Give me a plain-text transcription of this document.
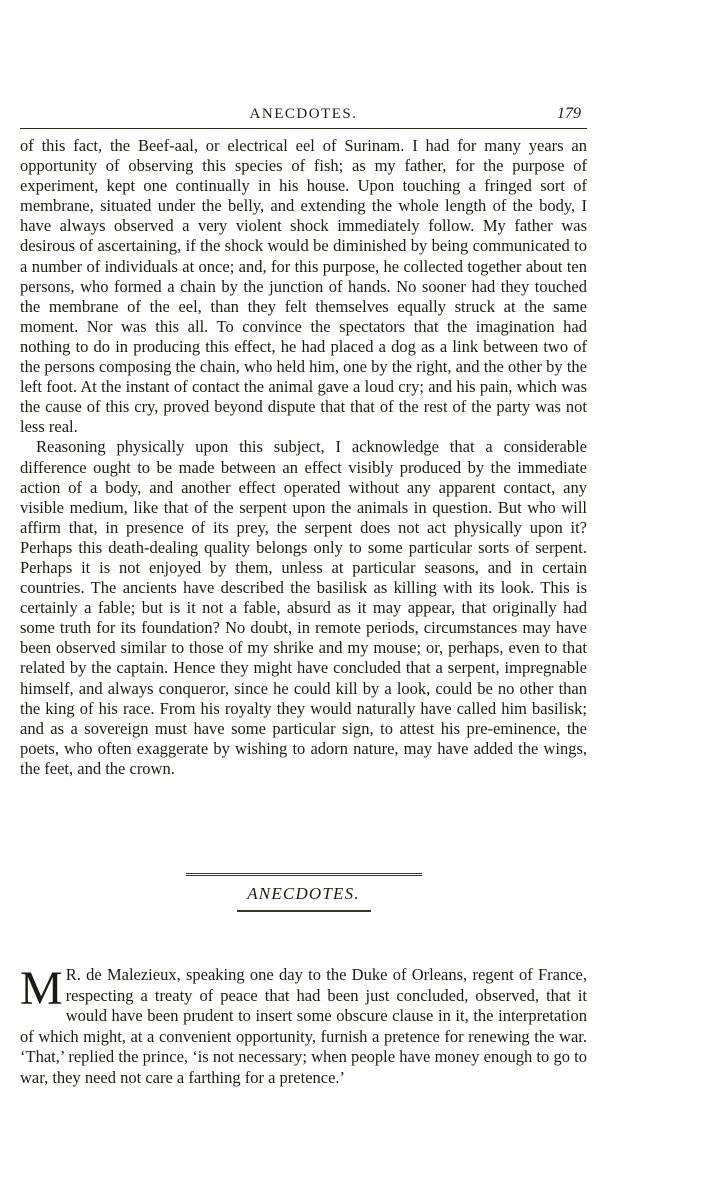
ANECDOTES.	179

of this fact, the Beef-aal, or electrical eel of Surinam. I had for many years an opportunity of observing this species of fish; as my father, for the purpose of experiment, kept one continually in his house. Upon touching a fringed sort of membrane, situated under the belly, and extending the whole length of the body, I have always observed a very violent shock immediately follow. My father was desirous of ascertaining, if the shock would be diminished by being communicated to a number of individuals at once; and, for this purpose, he collected together about ten persons, who formed a chain by the junction of hands. No sooner had they touched the membrane of the eel, than they felt themselves equally struck at the same moment. Nor was this all. To convince the spectators that the imagination had nothing to do in producing this effect, he had placed a dog as a link between two of the persons composing the chain, who held him, one by the right, and the other by the left foot. At the instant of contact the animal gave a loud cry; and his pain, which was the cause of this cry, proved beyond dispute that that of the rest of the party was not less real.

Reasoning physically upon this subject, I acknowledge that a considerable difference ought to be made between an effect visibly produced by the immediate action of a body, and another effect operated without any apparent contact, any visible medium, like that of the serpent upon the animals in question. But who will affirm that, in presence of its prey, the serpent does not act physically upon it? Perhaps this death-dealing quality belongs only to some particular sorts of serpent. Perhaps it is not enjoyed by them, unless at particular seasons, and in certain countries. The ancients have described the basilisk as killing with its look. This is certainly a fable; but is it not a fable, absurd as it may appear, that originally had some truth for its foundation? No doubt, in remote periods, circumstances may have been observed similar to those of my shrike and my mouse; or, perhaps, even to that related by the captain. Hence they might have concluded that a serpent, impregnable himself, and always conqueror, since he could kill by a look, could be no other than the king of his race. From his royalty they would naturally have called him basilisk; and as a sovereign must have some particular sign, to attest his pre-eminence, the poets, who often exaggerate by wishing to adorn nature, may have added the wings, the feet, and the crown.

ANECDOTES.

M R. de Malezieux, speaking one day to the Duke of Orleans, regent of France, respecting a treaty of peace that had been just concluded, observed, that it would have been prudent to insert some obscure clause in it, the interpretation of which might, at a convenient opportunity, furnish a pretence for renewing the war. ‘That,’ replied the prince, ‘is not necessary; when people have money enough to go to war, they need not care a farthing for a pretence.’
